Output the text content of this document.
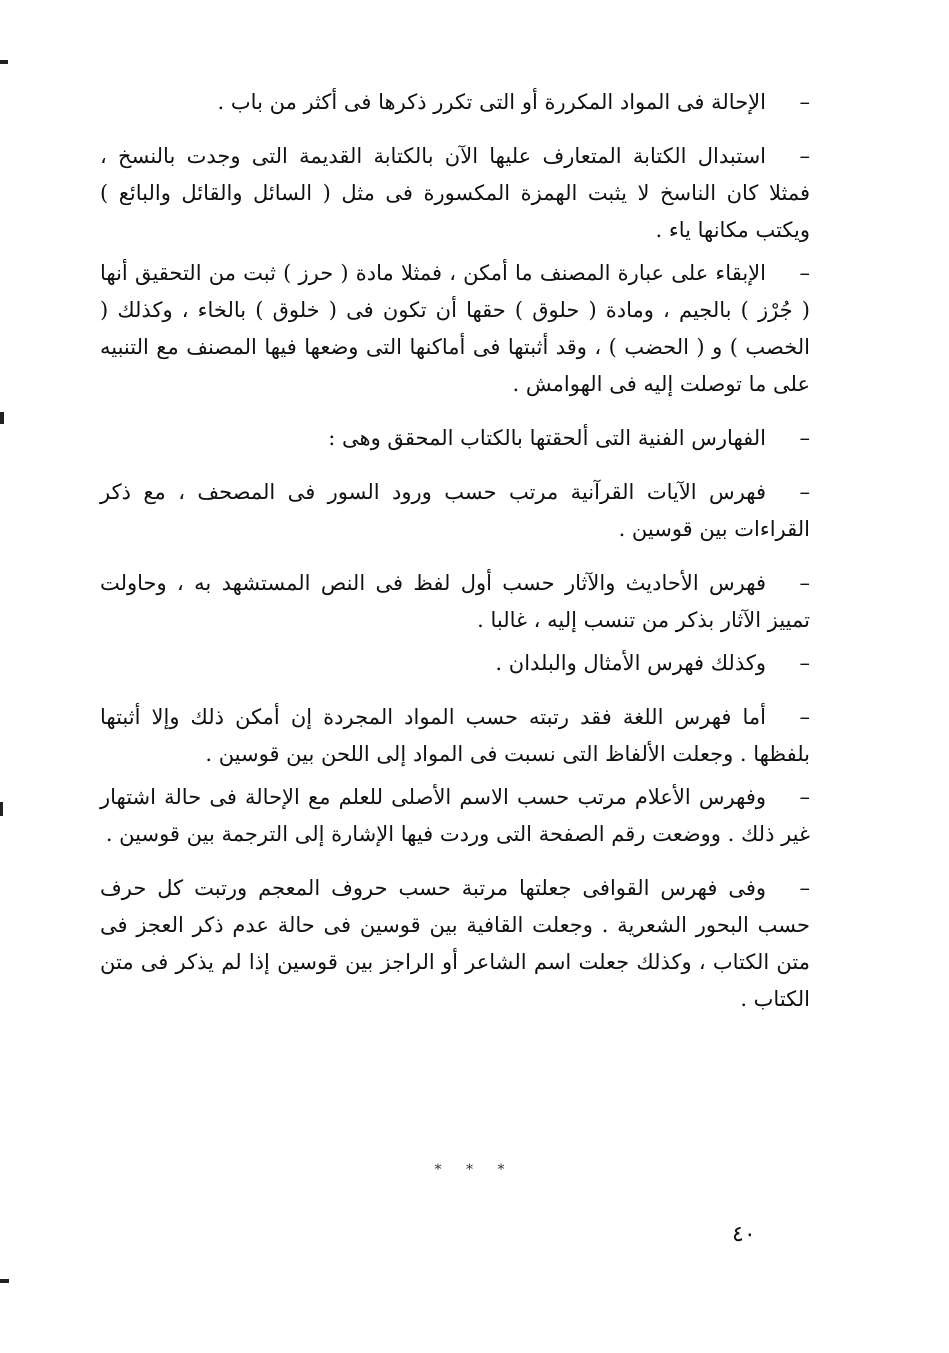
–الإحالة فى المواد المكررة أو التى تكرر ذكرها فى أكثر من باب .

–استبدال الكتابة المتعارف عليها الآن بالكتابة القديمة التى وجدت بالنسخ ، فمثلا كان الناسخ لا يثبت الهمزة المكسورة فى مثل ( السائل والقائل والبائع ) ويكتب مكانها ياء .

–الإبقاء على عبارة المصنف ما أمكن ، فمثلا مادة ( حرز ) ثبت من التحقيق أنها ( جُرْز ) بالجيم ، ومادة ( حلوق ) حقها أن تكون فى ( خلوق ) بالخاء ، وكذلك ( الخصب ) و ( الحضب ) ، وقد أثبتها فى أماكنها التى وضعها فيها المصنف مع التنبيه على ما توصلت إليه فى الهوامش .

–الفهارس الفنية التى ألحقتها بالكتاب المحقق وهى :

–فهرس الآيات القرآنية مرتب حسب ورود السور فى المصحف ، مع ذكر القراءات بين قوسين .

–فهرس الأحاديث والآثار حسب أول لفظ فى النص المستشهد به ، وحاولت تمييز الآثار بذكر من تنسب إليه ، غالبا .

–وكذلك فهرس الأمثال والبلدان .

–أما فهرس اللغة فقد رتبته حسب المواد المجردة إن أمكن ذلك وإلا أثبتها بلفظها . وجعلت الألفاظ التى نسبت فى المواد إلى اللحن بين قوسين .

–وفهرس الأعلام مرتب حسب الاسم الأصلى للعلم مع الإحالة فى حالة اشتهار غير ذلك . ووضعت رقم الصفحة التى وردت فيها الإشارة إلى الترجمة بين قوسين .

–وفى فهرس القوافى جعلتها مرتبة حسب حروف المعجم ورتبت كل حرف حسب البحور الشعرية . وجعلت القافية بين قوسين فى حالة عدم ذكر العجز فى متن الكتاب ، وكذلك جعلت اسم الشاعر أو الراجز بين قوسين إذا لم يذكر فى متن الكتاب .

* * *
٤٠
